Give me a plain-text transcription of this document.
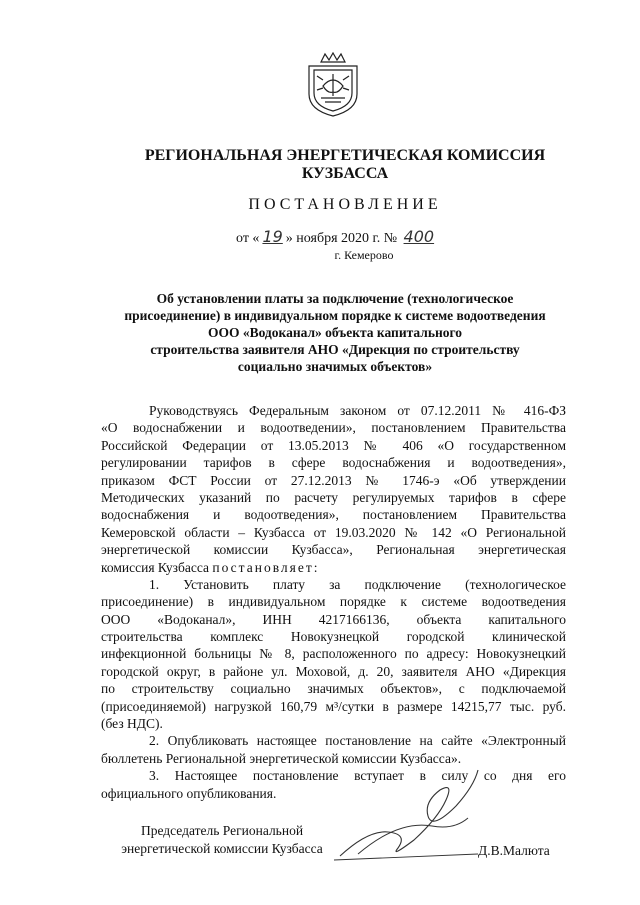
РЕГИОНАЛЬНАЯ ЭНЕРГЕТИЧЕСКАЯ КОМИССИЯ
КУЗБАССА
ПОСТАНОВЛЕНИЕ
от « 19 » ноября 2020 г. № 400
г. Кемерово
Об установлении платы за подключение (технологическое
присоединение) в индивидуальном порядке к системе водоотведения
ООО «Водоканал» объекта капитального
строительства заявителя АНО «Дирекция по строительству
социально значимых объектов»
Руководствуясь Федеральным законом от 07.12.2011 № 416-ФЗ
«О водоснабжении и водоотведении», постановлением Правительства
Российской Федерации от 13.05.2013 № 406 «О государственном
регулировании тарифов в сфере водоснабжения и водоотведения»,
приказом ФСТ России от 27.12.2013 № 1746-э «Об утверждении
Методических указаний по расчету регулируемых тарифов в сфере
водоснабжения и водоотведения», постановлением Правительства
Кемеровской области – Кузбасса от 19.03.2020 № 142 «О Региональной
энергетической комиссии Кузбасса», Региональная энергетическая
комиссия Кузбасса постановляет:
1. Установить плату за подключение (технологическое
присоединение) в индивидуальном порядке к системе водоотведения
ООО «Водоканал», ИНН 4217166136, объекта капитального
строительства комплекс Новокузнецкой городской клинической
инфекционной больницы № 8, расположенного по адресу: Новокузнецкий
городской округ, в районе ул. Моховой, д. 20, заявителя АНО «Дирекция
по строительству социально значимых объектов», с подключаемой
(присоединяемой) нагрузкой 160,79 м³/сутки в размере 14215,77 тыс. руб.
(без НДС).
2. Опубликовать настоящее постановление на сайте «Электронный
бюллетень Региональной энергетической комиссии Кузбасса».
3. Настоящее постановление вступает в силу со дня его
официального опубликования.
Председатель Региональной
энергетической комиссии Кузбасса	Д.В.Малюта
